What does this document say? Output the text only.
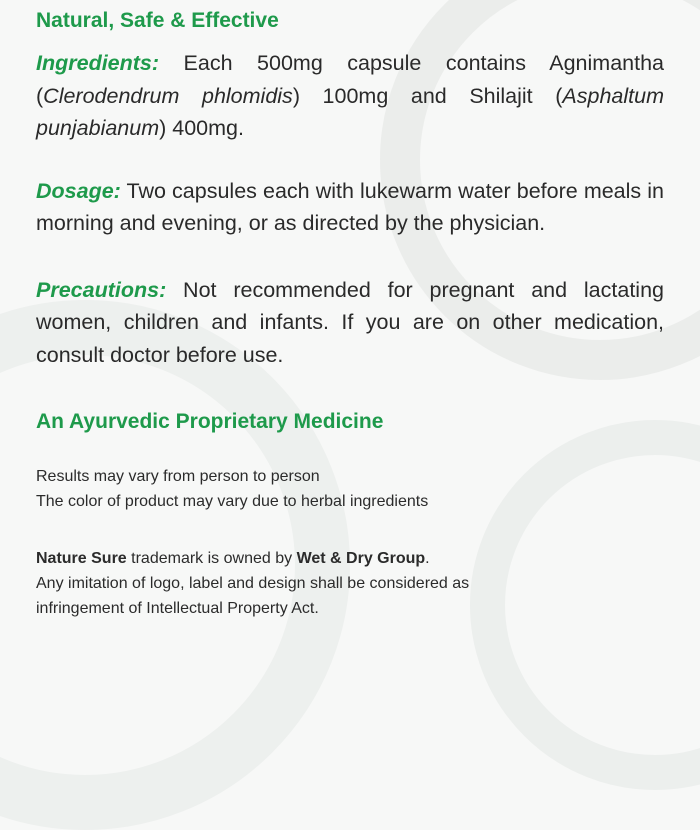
Natural, Safe & Effective

Ingredients: Each 500mg capsule contains Agnimantha (Clerodendrum phlomidis) 100mg and Shilajit (Asphaltum punjabianum) 400mg.

Dosage: Two capsules each with lukewarm water before meals in morning and evening, or as directed by the physician.

Precautions: Not recommended for pregnant and lactating women, children and infants. If you are on other medication, consult doctor before use.

An Ayurvedic Proprietary Medicine

Results may vary from person to person

The color of product may vary due to herbal ingredients

Nature Sure trademark is owned by Wet & Dry Group.

Any imitation of logo, label and design shall be considered as

infringement of Intellectual Property Act.
